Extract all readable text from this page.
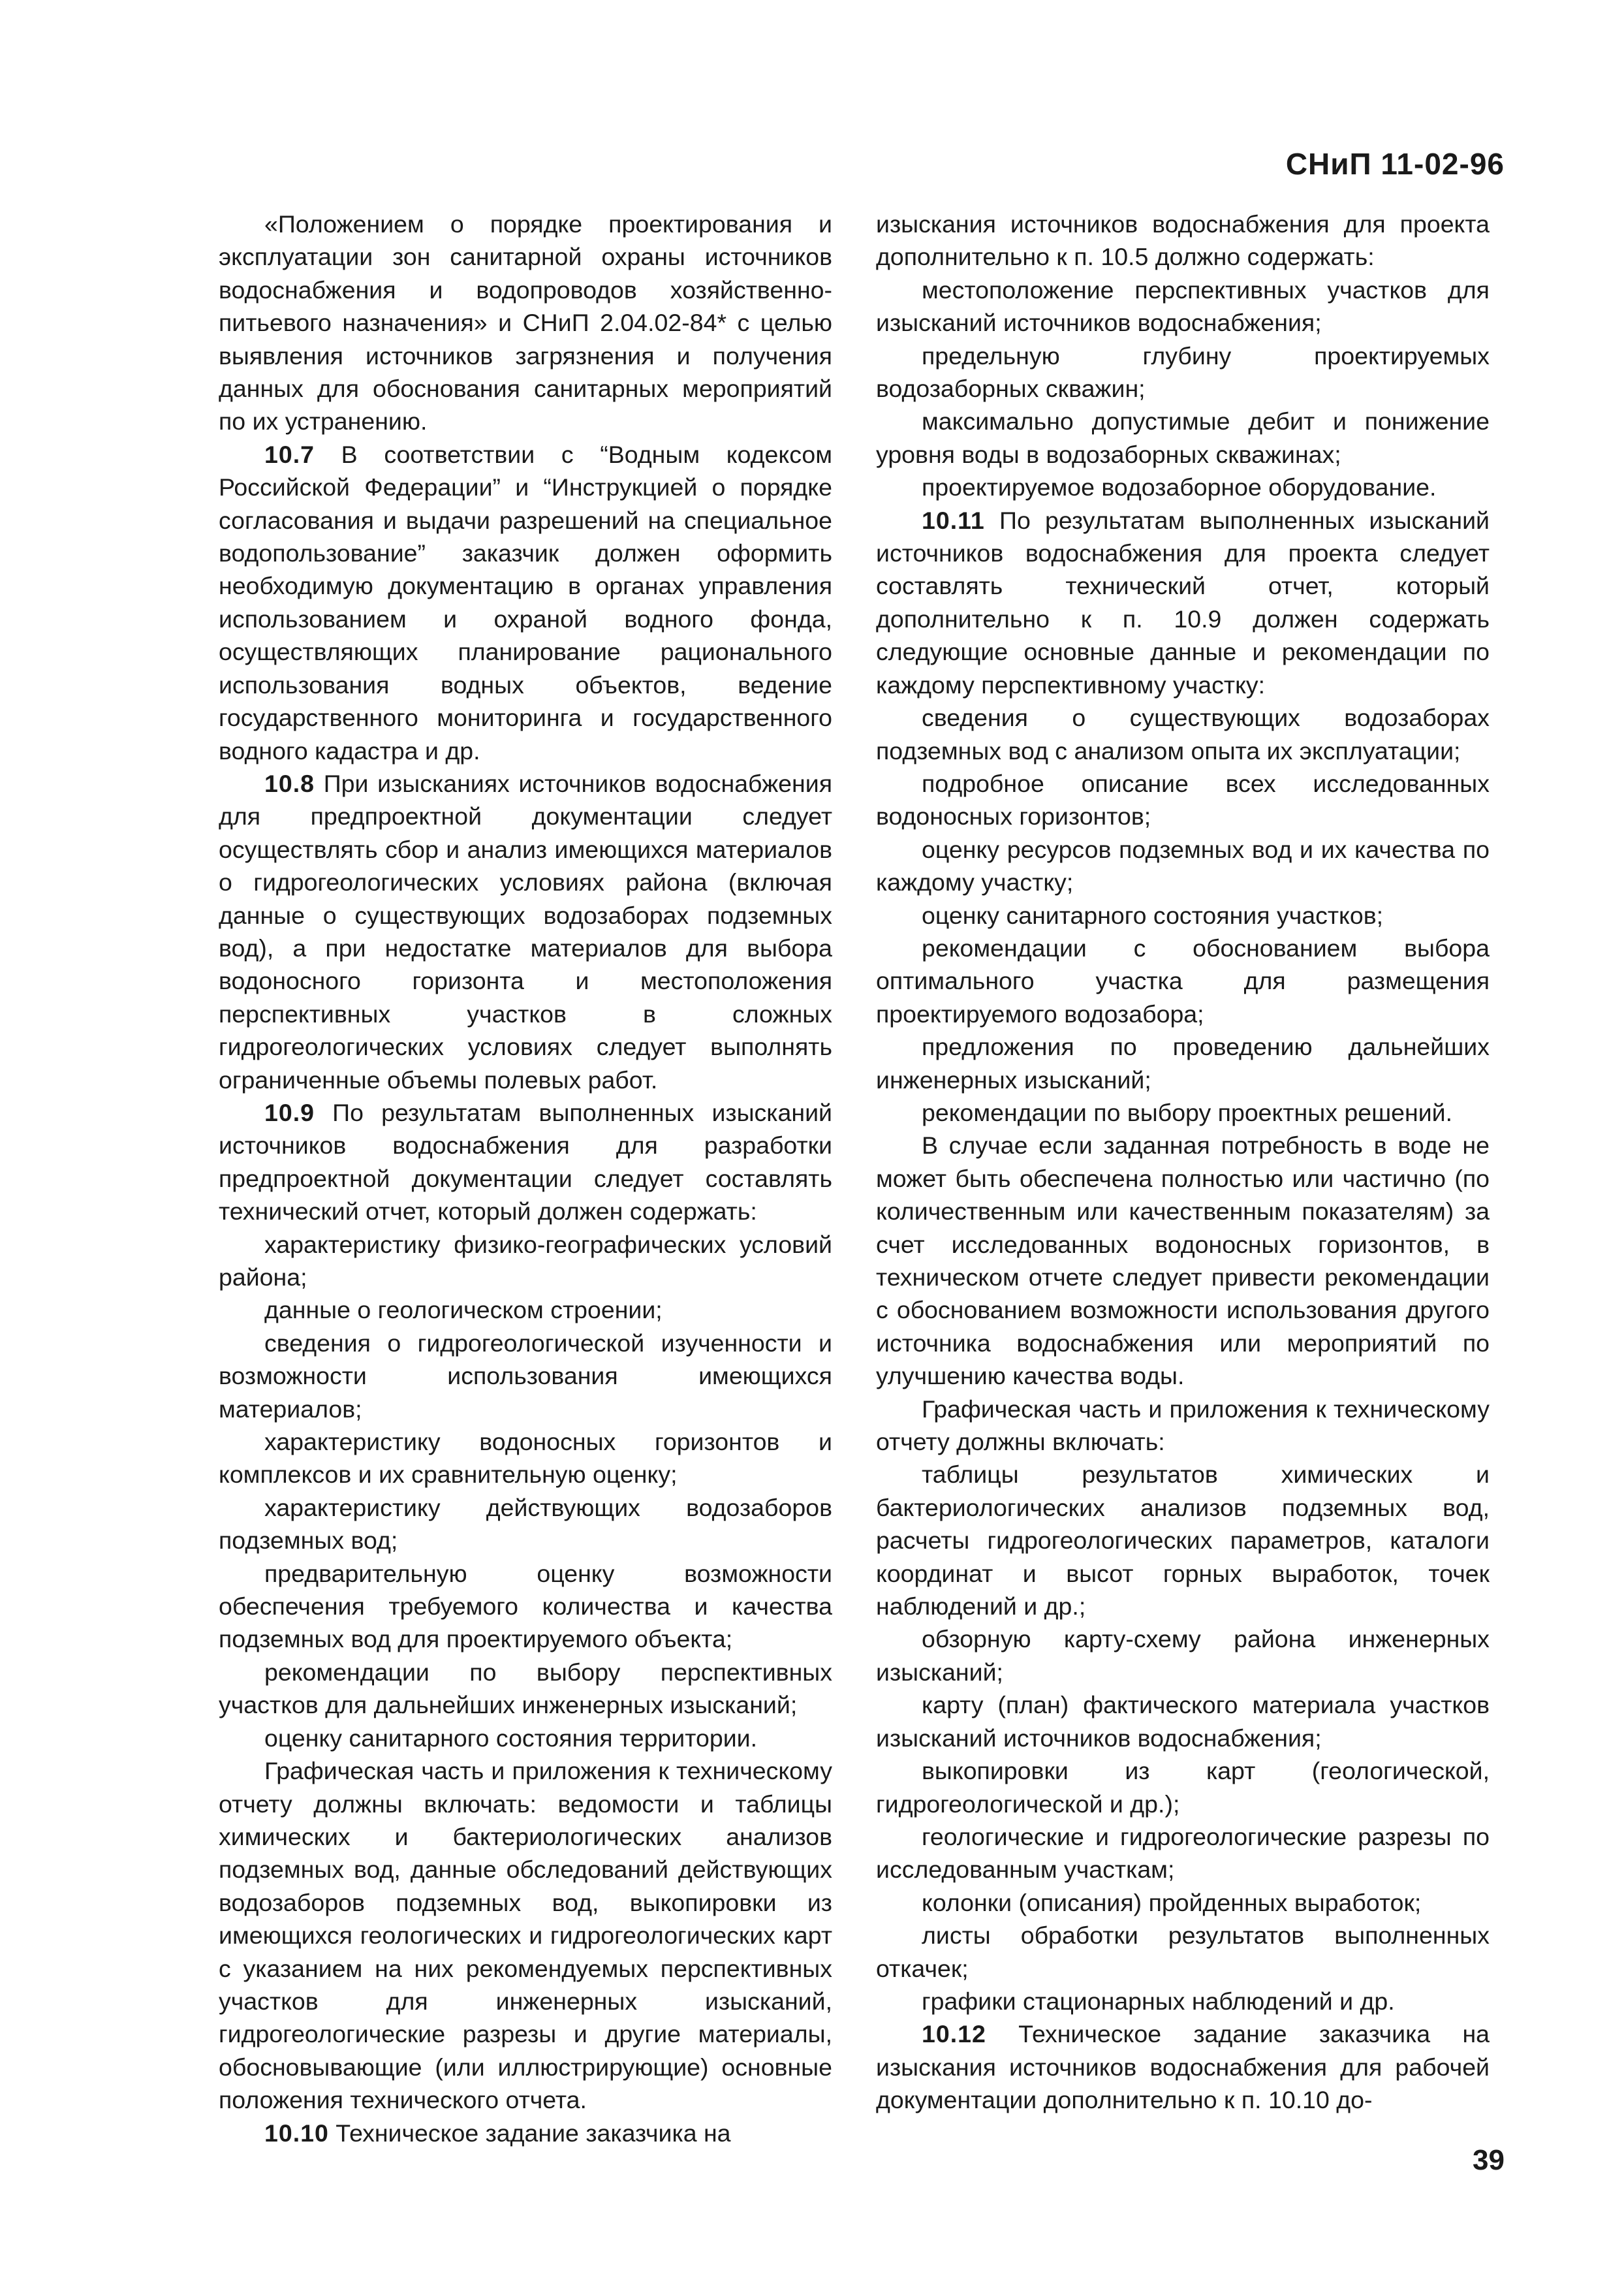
СНиП 11-02-96

«Положением о порядке проектирования и эксплуатации зон санитарной охраны источников водоснабжения и водопроводов хозяйственно-питьевого назначения» и СНиП 2.04.02-84* с целью выявления источников загрязнения и получения данных для обоснования санитарных мероприятий по их устранению.

10.7 В соответствии с “Водным кодексом Российской Федерации” и “Инструкцией о порядке согласования и выдачи разрешений на специальное водопользование” заказчик должен оформить необходимую документацию в органах управления использованием и охраной водного фонда, осуществляющих планирование рационального использования водных объектов, ведение государственного мониторинга и государственного водного кадастра и др.

10.8 При изысканиях источников водоснабжения для предпроектной документации следует осуществлять сбор и анализ имеющихся материалов о гидрогеологических условиях района (включая данные о существующих водозаборах подземных вод), а при недостатке материалов для выбора водоносного горизонта и местоположения перспективных участков в сложных гидрогеологических условиях следует выполнять ограниченные объемы полевых работ.

10.9 По результатам выполненных изысканий источников водоснабжения для разработки предпроектной документации следует составлять технический отчет, который должен содержать:

характеристику физико-географических условий района;

данные о геологическом строении;

сведения о гидрогеологической изученности и возможности использования имеющихся материалов;

характеристику водоносных горизонтов и комплексов и их сравнительную оценку;

характеристику действующих водозаборов подземных вод;

предварительную оценку возможности обеспечения требуемого количества и качества подземных вод для проектируемого объекта;

рекомендации по выбору перспективных участков для дальнейших инженерных изысканий;

оценку санитарного состояния территории.

Графическая часть и приложения к техническому отчету должны включать: ведомости и таблицы химических и бактериологических анализов подземных вод, данные обследований действующих водозаборов подземных вод, выкопировки из имеющихся геологических и гидрогеологических карт с указанием на них рекомендуемых перспективных участков для инженерных изысканий, гидрогеологические разрезы и другие материалы, обосновывающие (или иллюстрирующие) основные положения технического отчета.

10.10 Техническое задание заказчика на

изыскания источников водоснабжения для проекта дополнительно к п. 10.5 должно содержать:

местоположение перспективных участков для изысканий источников водоснабжения;

предельную глубину проектируемых водозаборных скважин;

максимально допустимые дебит и понижение уровня воды в водозаборных скважинах;

проектируемое водозаборное оборудование.

10.11 По результатам выполненных изысканий источников водоснабжения для проекта следует составлять технический отчет, который дополнительно к п. 10.9 должен содержать следующие основные данные и рекомендации по каждому перспективному участку:

сведения о существующих водозаборах подземных вод с анализом опыта их эксплуатации;

подробное описание всех исследованных водоносных горизонтов;

оценку ресурсов подземных вод и их качества по каждому участку;

оценку санитарного состояния участков;

рекомендации с обоснованием выбора оптимального участка для размещения проектируемого водозабора;

предложения по проведению дальнейших инженерных изысканий;

рекомендации по выбору проектных решений.

В случае если заданная потребность в воде не может быть обеспечена полностью или частично (по количественным или качественным показателям) за счет исследованных водоносных горизонтов, в техническом отчете следует привести рекомендации с обоснованием возможности использования другого источника водоснабжения или мероприятий по улучшению качества воды.

Графическая часть и приложения к техническому отчету должны включать:

таблицы результатов химических и бактериологических анализов подземных вод, расчеты гидрогеологических параметров, каталоги координат и высот горных выработок, точек наблюдений и др.;

обзорную карту-схему района инженерных изысканий;

карту (план) фактического материала участков изысканий источников водоснабжения;

выкопировки из карт (геологической, гидрогеологической и др.);

геологические и гидрогеологические разрезы по исследованным участкам;

колонки (описания) пройденных выработок;

листы обработки результатов выполненных откачек;

графики стационарных наблюдений и др.

10.12 Техническое задание заказчика на изыскания источников водоснабжения для рабочей документации дополнительно к п. 10.10 до-

39
